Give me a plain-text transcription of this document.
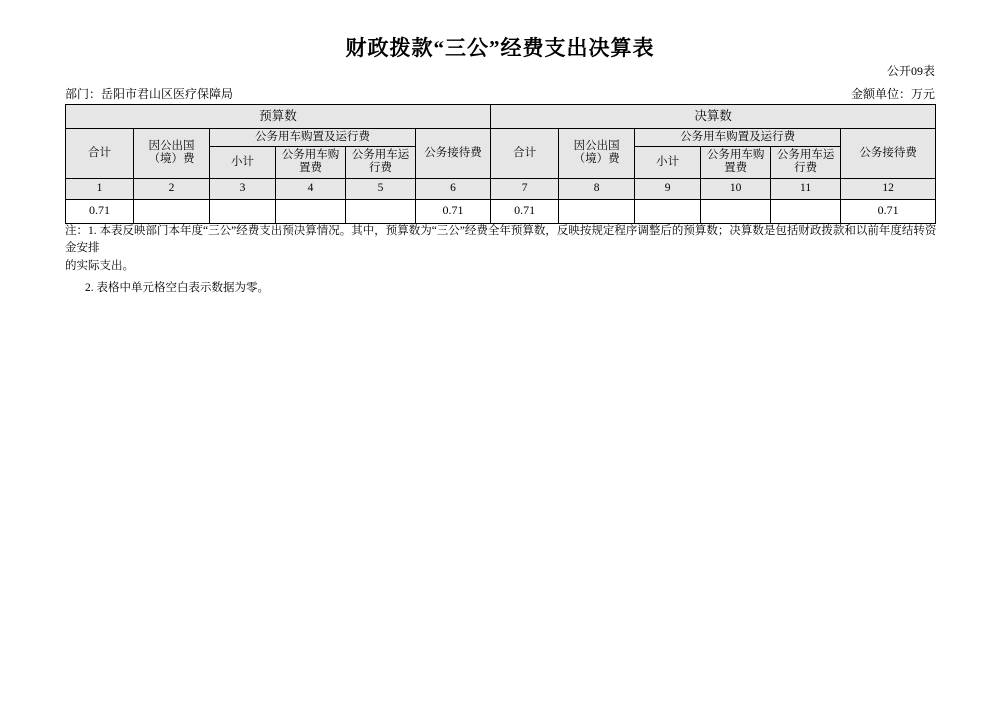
财政拨款“三公”经费支出决算表
公开09表
部门：岳阳市君山区医疗保障局	金额单位：万元
预算数						决算数					
合计	因公出国（境）费	公务用车购置及运行费			公务接待费	合计	因公出国（境）费	公务用车购置及运行费			公务接待费
		小计	公务用车购置费	公务用车运行费				小计	公务用车购置费	公务用车运行费	
1	2	3	4	5	6	7	8	9	10	11	12
0.71					0.71	0.71					0.71

注：1. 本表反映部门本年度“三公”经费支出预决算情况。其中，预算数为“三公”经费全年预算数，反映按规定程序调整后的预算数；决算数是包括财政拨款和以前年度结转资金安排

的实际支出。

2. 表格中单元格空白表示数据为零。
